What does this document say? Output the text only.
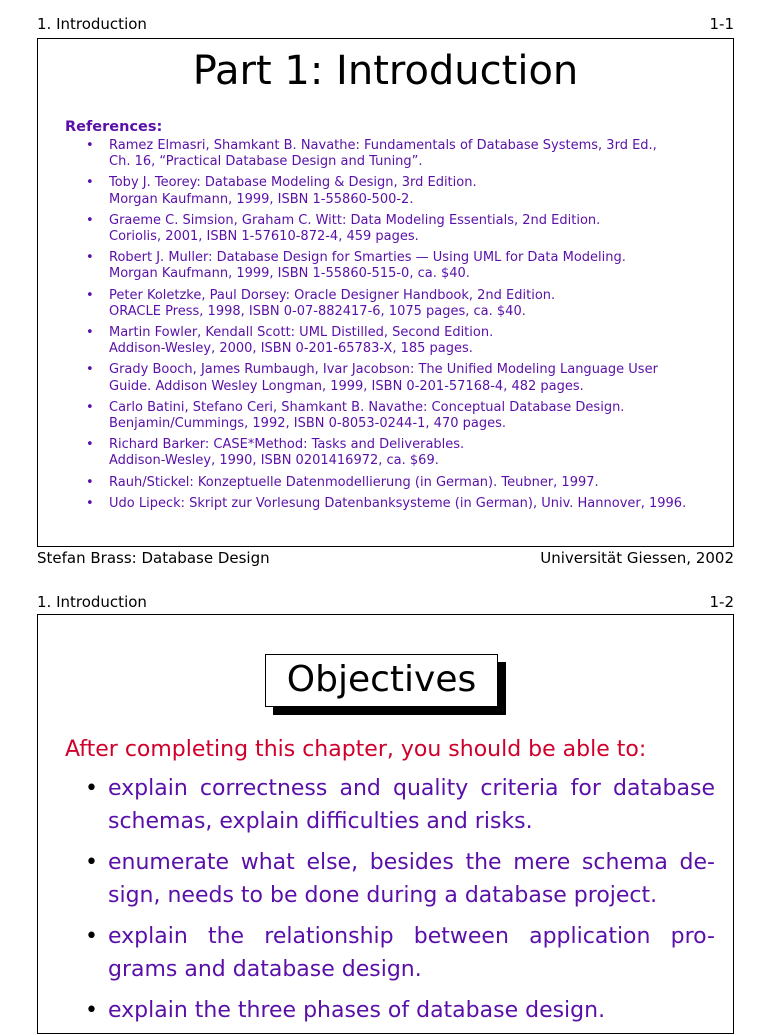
1. Introduction	1-1
Part 1: Introduction
References:
• Ramez Elmasri, Shamkant B. Navathe: Fundamentals of Database Systems, 3rd Ed.,
Ch. 16, “Practical Database Design and Tuning”.
• Toby J. Teorey: Database Modeling & Design, 3rd Edition.
Morgan Kaufmann, 1999, ISBN 1-55860-500-2.
• Graeme C. Simsion, Graham C. Witt: Data Modeling Essentials, 2nd Edition.
Coriolis, 2001, ISBN 1-57610-872-4, 459 pages.
• Robert J. Muller: Database Design for Smarties — Using UML for Data Modeling.
Morgan Kaufmann, 1999, ISBN 1-55860-515-0, ca. $40.
• Peter Koletzke, Paul Dorsey: Oracle Designer Handbook, 2nd Edition.
ORACLE Press, 1998, ISBN 0-07-882417-6, 1075 pages, ca. $40.
• Martin Fowler, Kendall Scott: UML Distilled, Second Edition.
Addison-Wesley, 2000, ISBN 0-201-65783-X, 185 pages.
• Grady Booch, James Rumbaugh, Ivar Jacobson: The Unified Modeling Language User
Guide. Addison Wesley Longman, 1999, ISBN 0-201-57168-4, 482 pages.
• Carlo Batini, Stefano Ceri, Shamkant B. Navathe: Conceptual Database Design.
Benjamin/Cummings, 1992, ISBN 0-8053-0244-1, 470 pages.
• Richard Barker: CASE*Method: Tasks and Deliverables.
Addison-Wesley, 1990, ISBN 0201416972, ca. $69.
• Rauh/Stickel: Konzeptuelle Datenmodellierung (in German). Teubner, 1997.
• Udo Lipeck: Skript zur Vorlesung Datenbanksysteme (in German), Univ. Hannover, 1996.
Stefan Brass: Database Design	Universität Giessen, 2002
1. Introduction	1-2
Objectives
After completing this chapter, you should be able to:
• explain correctness and quality criteria for database schemas, explain difficulties and risks.
• enumerate what else, besides the mere schema de-sign, needs to be done during a database project.
• explain the relationship between application pro-grams and database design.
• explain the three phases of database design.
